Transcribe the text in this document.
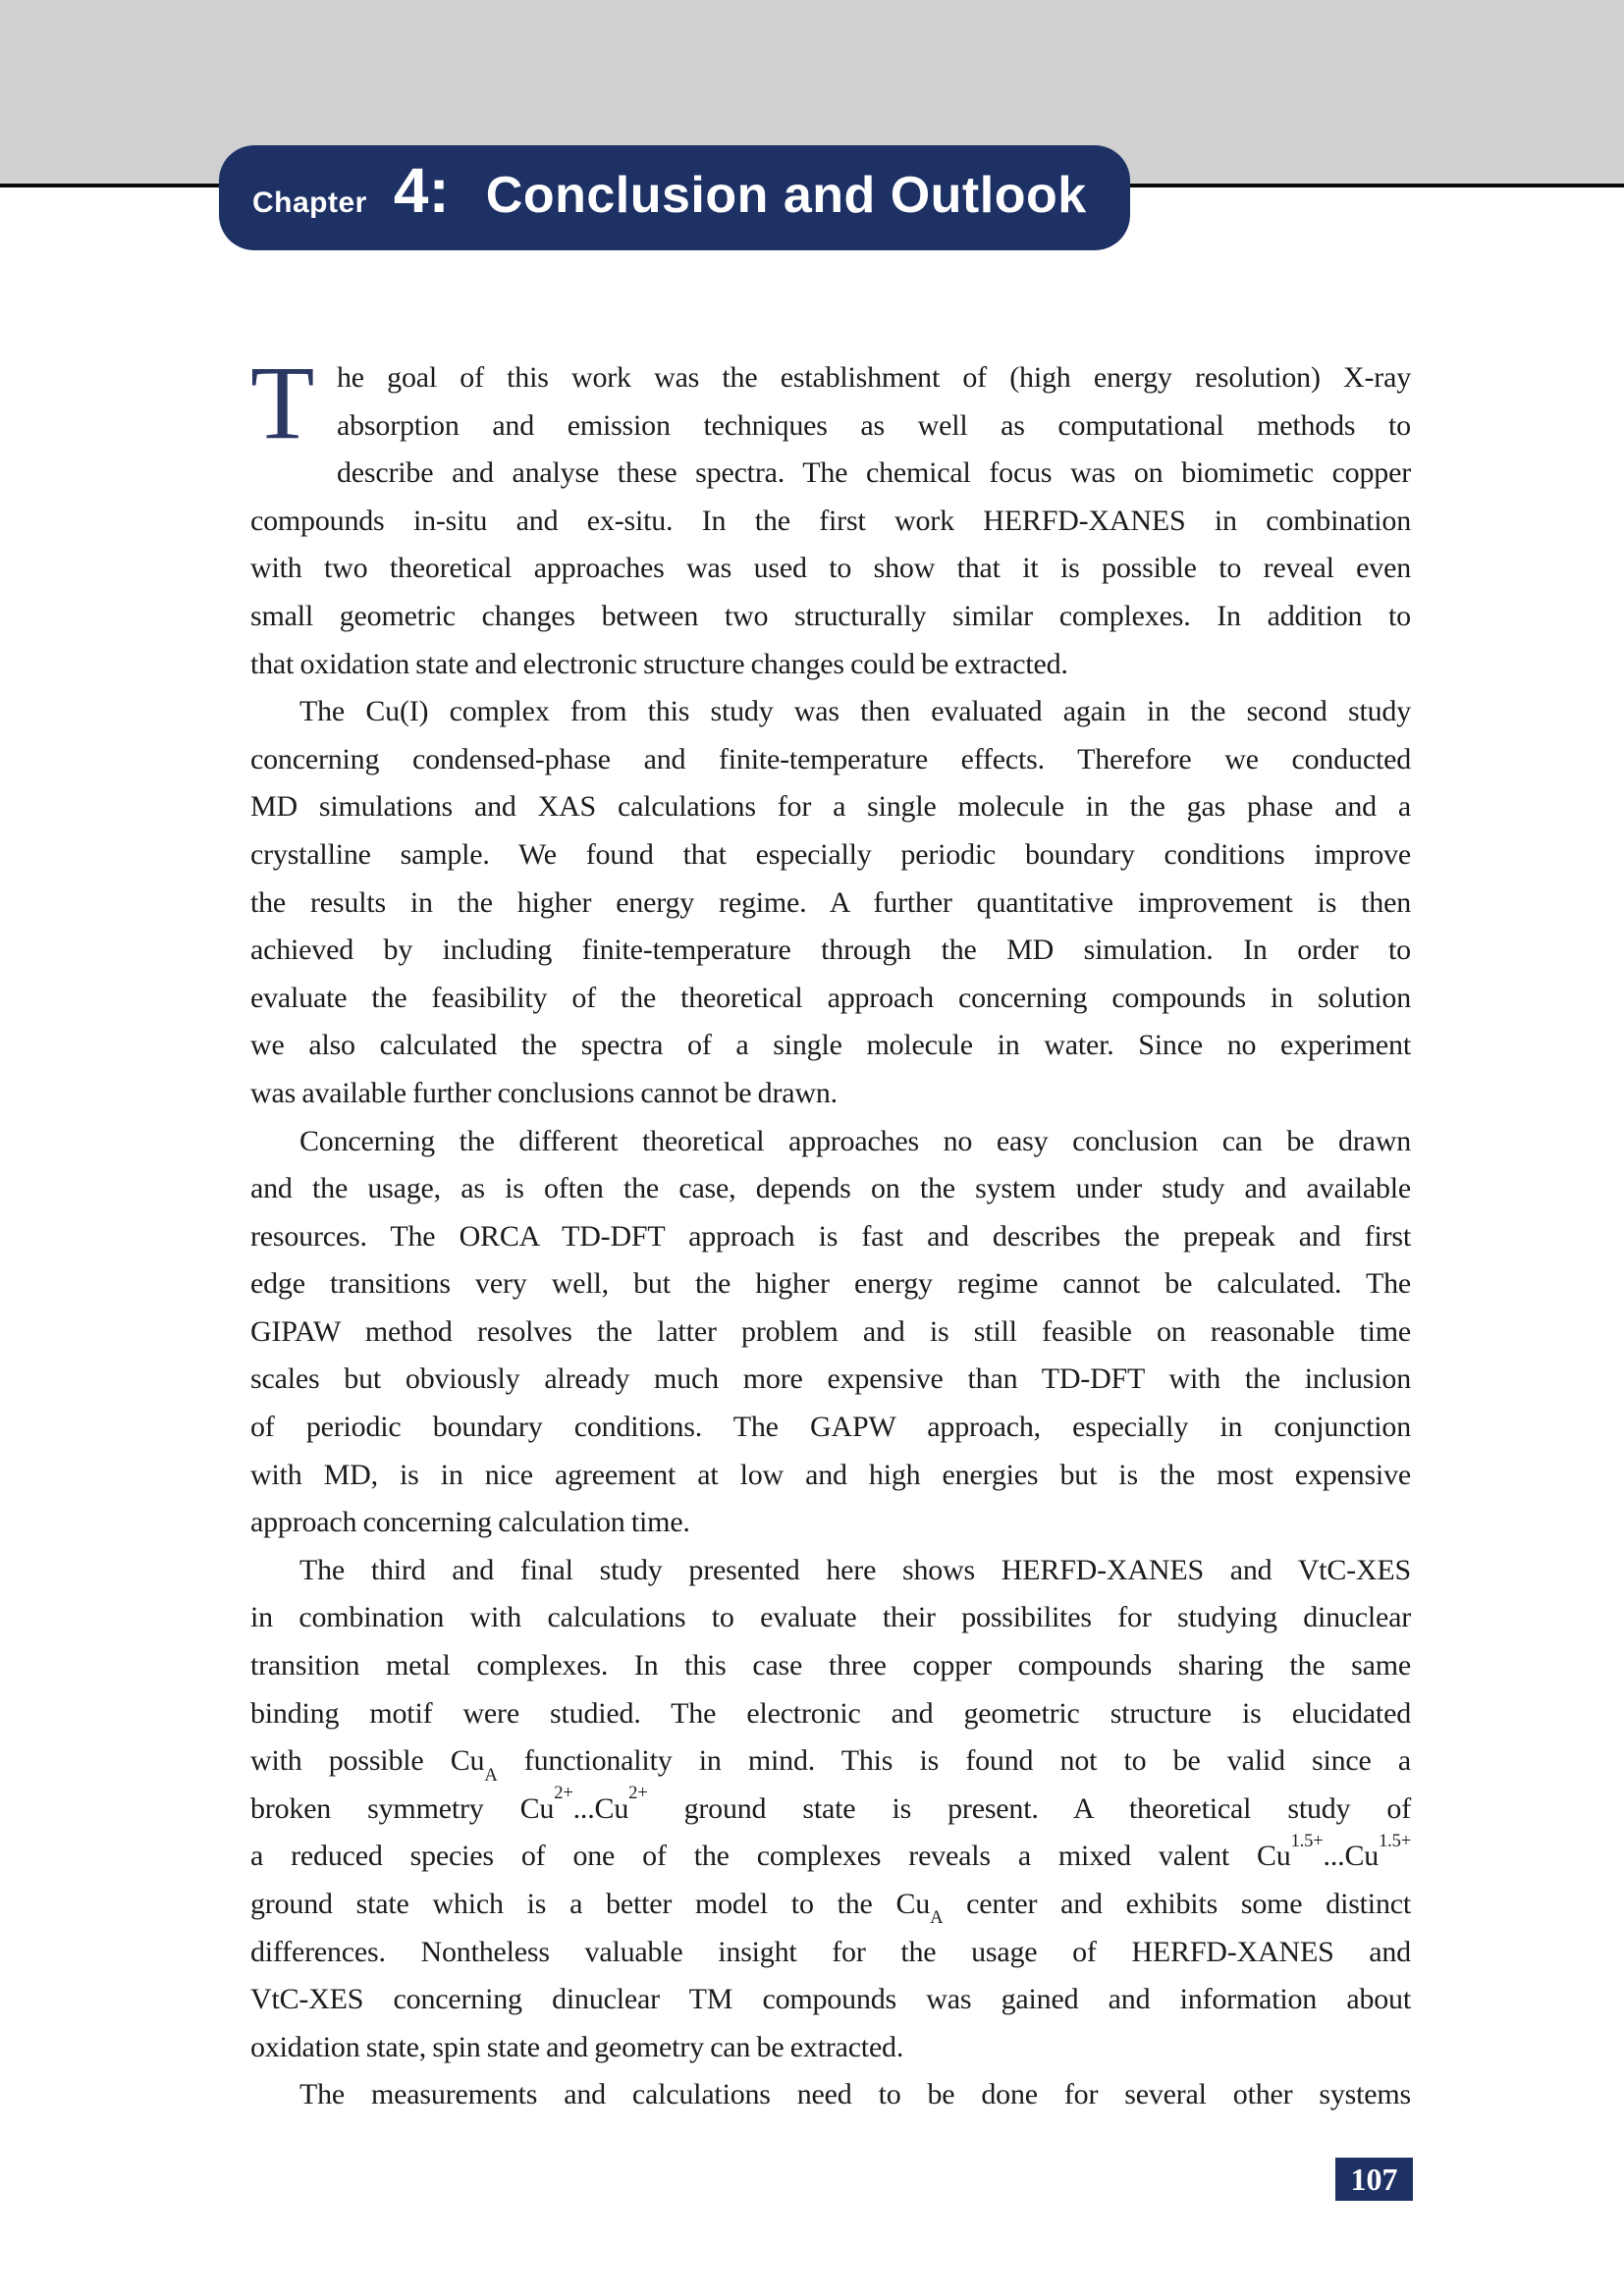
Chapter 4: Conclusion and Outlook
T he goal of this work was the establishment of (high energy resolution) X-ray
absorption and emission techniques as well as computational methods to
describe and analyse these spectra. The chemical focus was on biomimetic copper
compounds in-situ and ex-situ. In the first work HERFD-XANES in combination
with two theoretical approaches was used to show that it is possible to reveal even
small geometric changes between two structurally similar complexes. In addition to
that oxidation state and electronic structure changes could be extracted.
The Cu(I) complex from this study was then evaluated again in the second study
concerning condensed-phase and finite-temperature effects. Therefore we conducted
MD simulations and XAS calculations for a single molecule in the gas phase and a
crystalline sample. We found that especially periodic boundary conditions improve
the results in the higher energy regime. A further quantitative improvement is then
achieved by including finite-temperature through the MD simulation. In order to
evaluate the feasibility of the theoretical approach concerning compounds in solution
we also calculated the spectra of a single molecule in water. Since no experiment
was available further conclusions cannot be drawn.
Concerning the different theoretical approaches no easy conclusion can be drawn
and the usage, as is often the case, depends on the system under study and available
resources. The ORCA TD-DFT approach is fast and describes the prepeak and first
edge transitions very well, but the higher energy regime cannot be calculated. The
GIPAW method resolves the latter problem and is still feasible on reasonable time
scales but obviously already much more expensive than TD-DFT with the inclusion
of periodic boundary conditions. The GAPW approach, especially in conjunction
with MD, is in nice agreement at low and high energies but is the most expensive
approach concerning calculation time.
The third and final study presented here shows HERFD-XANES and VtC-XES
in combination with calculations to evaluate their possibilites for studying dinuclear
transition metal complexes. In this case three copper compounds sharing the same
binding motif were studied. The electronic and geometric structure is elucidated
with possible $Cu_A$ functionality in mind. This is found not to be valid since a
broken symmetry $Cu^{2+}...Cu^{2+}$ ground state is present. A theoretical study of
a reduced species of one of the complexes reveals a mixed valent $Cu^{1.5+}...Cu^{1.5+}$
ground state which is a better model to the $Cu_A$ center and exhibits some distinct
differences. Nontheless valuable insight for the usage of HERFD-XANES and
VtC-XES concerning dinuclear TM compounds was gained and information about
oxidation state, spin state and geometry can be extracted.
The measurements and calculations need to be done for several other systems
107
